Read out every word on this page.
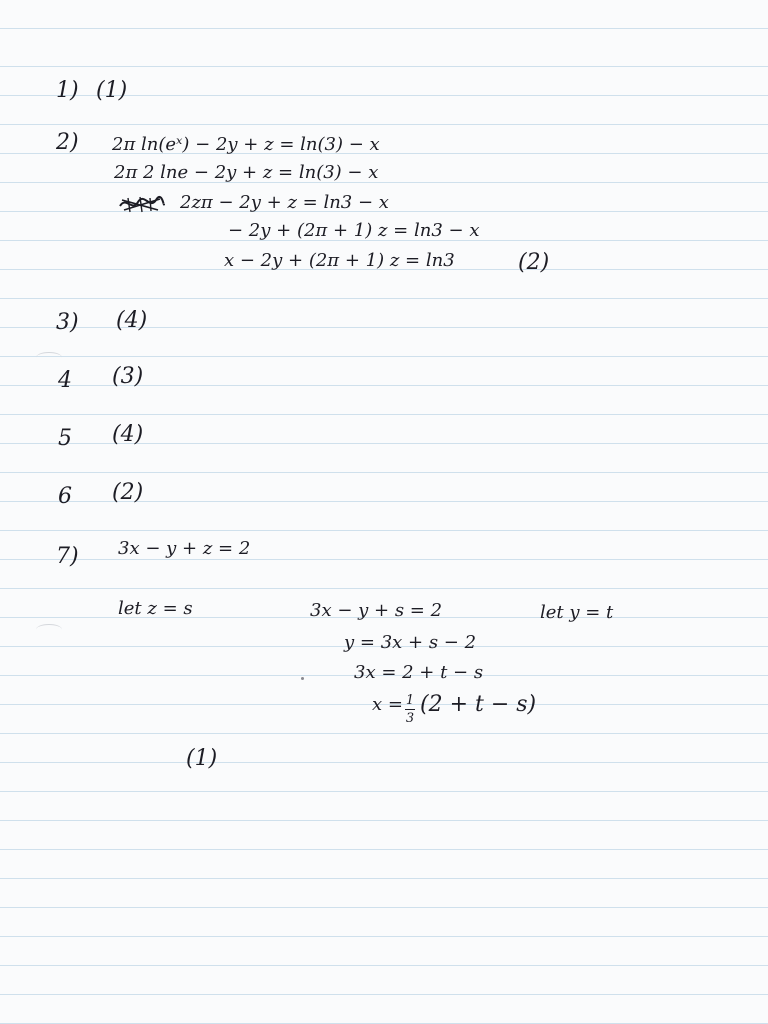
1) (1)
2) 2π ln(eˣ) − 2y + z = ln(3) − x
2π 2 lne − 2y + z = ln(3) − x
2zπ − 2y + z = ln3 − x
− 2y + (2π + 1) z = ln3 − x
x − 2y + (2π + 1) z = ln3	(2)
3) (4)
4 (3)
5 (4)
6 (2)
7) 3x − y + z = 2
let z = s	3x − y + s = 2	let y = t
y = 3x + s − 2
3x = 2 + t − s
x = 1
3
(2 + t − s)
(1)
